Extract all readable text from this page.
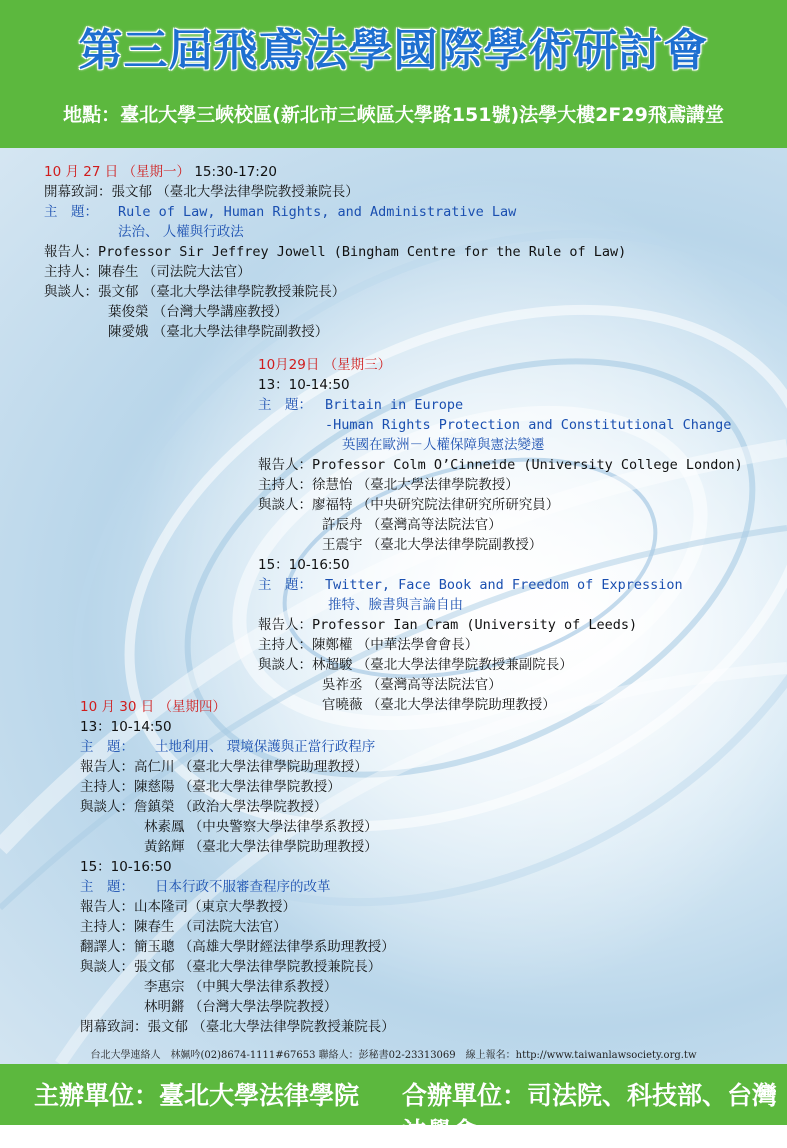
第三屆飛鳶法學國際學術研討會
地點：臺北大學三峽校區(新北市三峽區大學路151號)法學大樓2F29飛鳶講堂
10 月 27 日 （星期一） 15:30-17:20
開幕致詞：張文郁 （臺北大學法律學院教授兼院長）
主　題： Rule of Law, Human Rights, and Administrative Law
法治、 人權與行政法
報告人：Professor Sir Jeffrey Jowell (Bingham Centre for the Rule of Law)
主持人：陳春生 （司法院大法官）
與談人：張文郁 （臺北大學法律學院教授兼院長）
葉俊榮 （台灣大學講座教授）
陳愛娥 （臺北大學法律學院副教授）
10月29日 （星期三）
13：10-14:50
主　題： Britain in Europe
-Human Rights Protection and Constitutional Change
英國在歐洲－人權保障與憲法變遷
報告人：Professor Colm O’Cinneide (University College London)
主持人：徐慧怡 （臺北大學法律學院教授）
與談人：廖福特 （中央研究院法律研究所研究員）
許辰舟 （臺灣高等法院法官）
王震宇 （臺北大學法律學院副教授）
15：10-16:50
主　題： Twitter, Face Book and Freedom of Expression
推特、臉書與言論自由
報告人：Professor Ian Cram (University of Leeds)
主持人：陳鄭權 （中華法學會會長）
與談人：林超駿 （臺北大學法律學院教授兼副院長）
吳祚丞 （臺灣高等法院法官）
官曉薇 （臺北大學法律學院助理教授）
10 月 30 日 （星期四）
13：10-14:50
主　題： 土地利用、 環境保護與正當行政程序
報告人：高仁川 （臺北大學法律學院助理教授）
主持人：陳慈陽 （臺北大學法律學院教授）
與談人：詹鎮榮 （政治大學法學院教授）
林素鳳 （中央警察大學法律學系教授）
黃銘輝 （臺北大學法律學院助理教授）
15：10-16:50
主　題： 日本行政不服審查程序的改革
報告人：山本隆司（東京大學教授）
主持人：陳春生 （司法院大法官）
翻譯人：簡玉聰 （高雄大學財經法律學系助理教授）
與談人：張文郁 （臺北大學法律學院教授兼院長）
李惠宗 （中興大學法律系教授）
林明鏘 （台灣大學法學院教授）
閉幕致詞：張文郁 （臺北大學法律學院教授兼院長）
台北大學連絡人　林姵吟(02)8674-1111#67653 聯絡人：彭秘書02-23313069　線上報名：http://www.taiwanlawsociety.org.tw
主辦單位：臺北大學法律學院 合辦單位：司法院、科技部、台灣法學會
